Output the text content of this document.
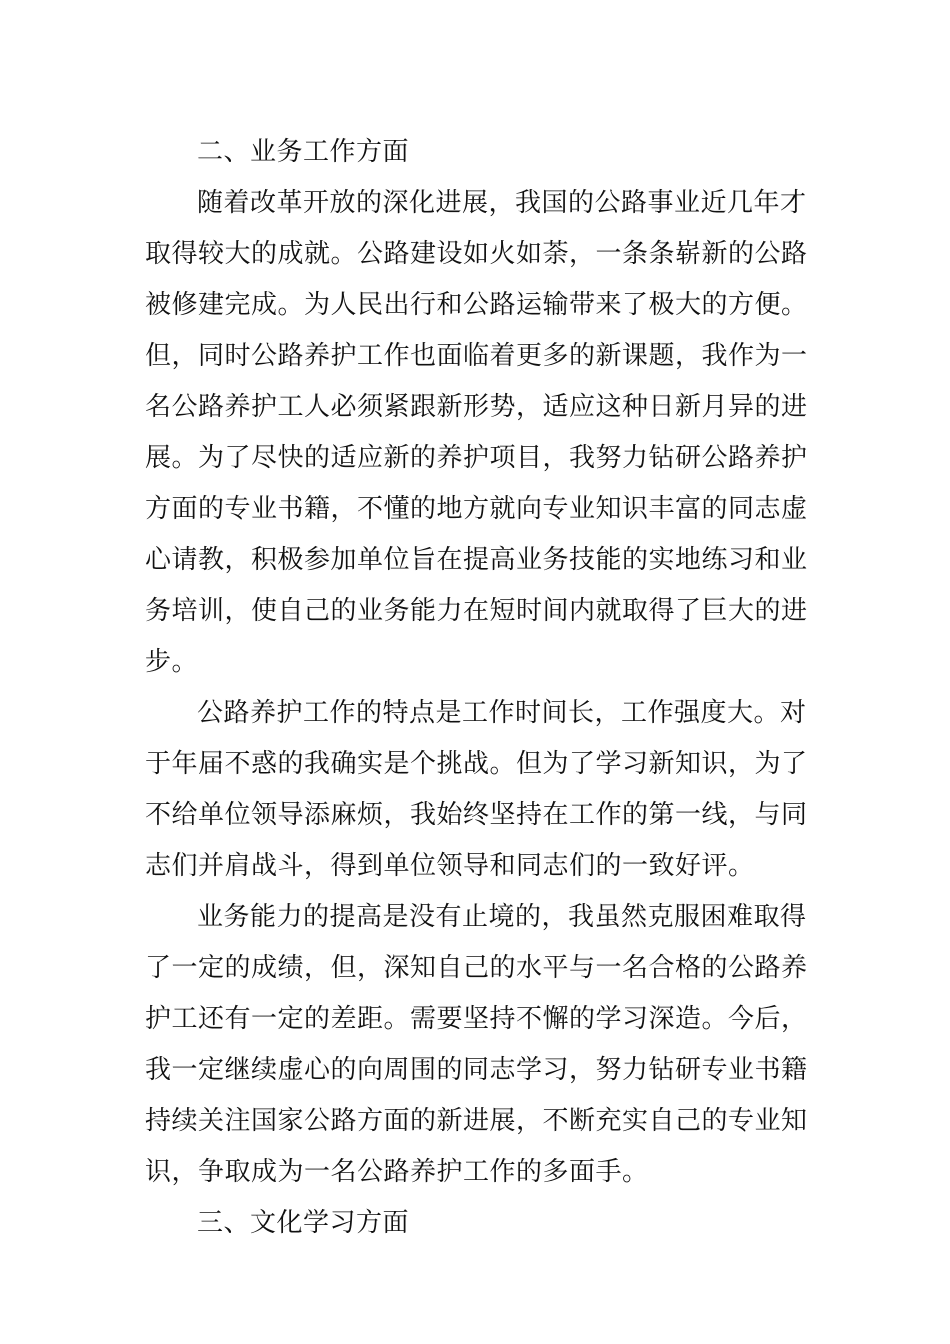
二、业务工作方面

随着改革开放的深化进展，我国的公路事业近几年才
取得较大的成就。公路建设如火如荼，一条条崭新的公路
被修建完成。为人民出行和公路运输带来了极大的方便。
但，同时公路养护工作也面临着更多的新课题，我作为一
名公路养护工人必须紧跟新形势，适应这种日新月异的进
展。为了尽快的适应新的养护项目，我努力钻研公路养护
方面的专业书籍，不懂的地方就向专业知识丰富的同志虚
心请教，积极参加单位旨在提高业务技能的实地练习和业
务培训，使自己的业务能力在短时间内就取得了巨大的进
步。

公路养护工作的特点是工作时间长，工作强度大。对
于年届不惑的我确实是个挑战。但为了学习新知识，为了
不给单位领导添麻烦，我始终坚持在工作的第一线，与同
志们并肩战斗，得到单位领导和同志们的一致好评。

业务能力的提高是没有止境的，我虽然克服困难取得
了一定的成绩，但，深知自己的水平与一名合格的公路养
护工还有一定的差距。需要坚持不懈的学习深造。今后，
我一定继续虚心的向周围的同志学习，努力钻研专业书籍
持续关注国家公路方面的新进展，不断充实自己的专业知
识，争取成为一名公路养护工作的多面手。

三、文化学习方面
